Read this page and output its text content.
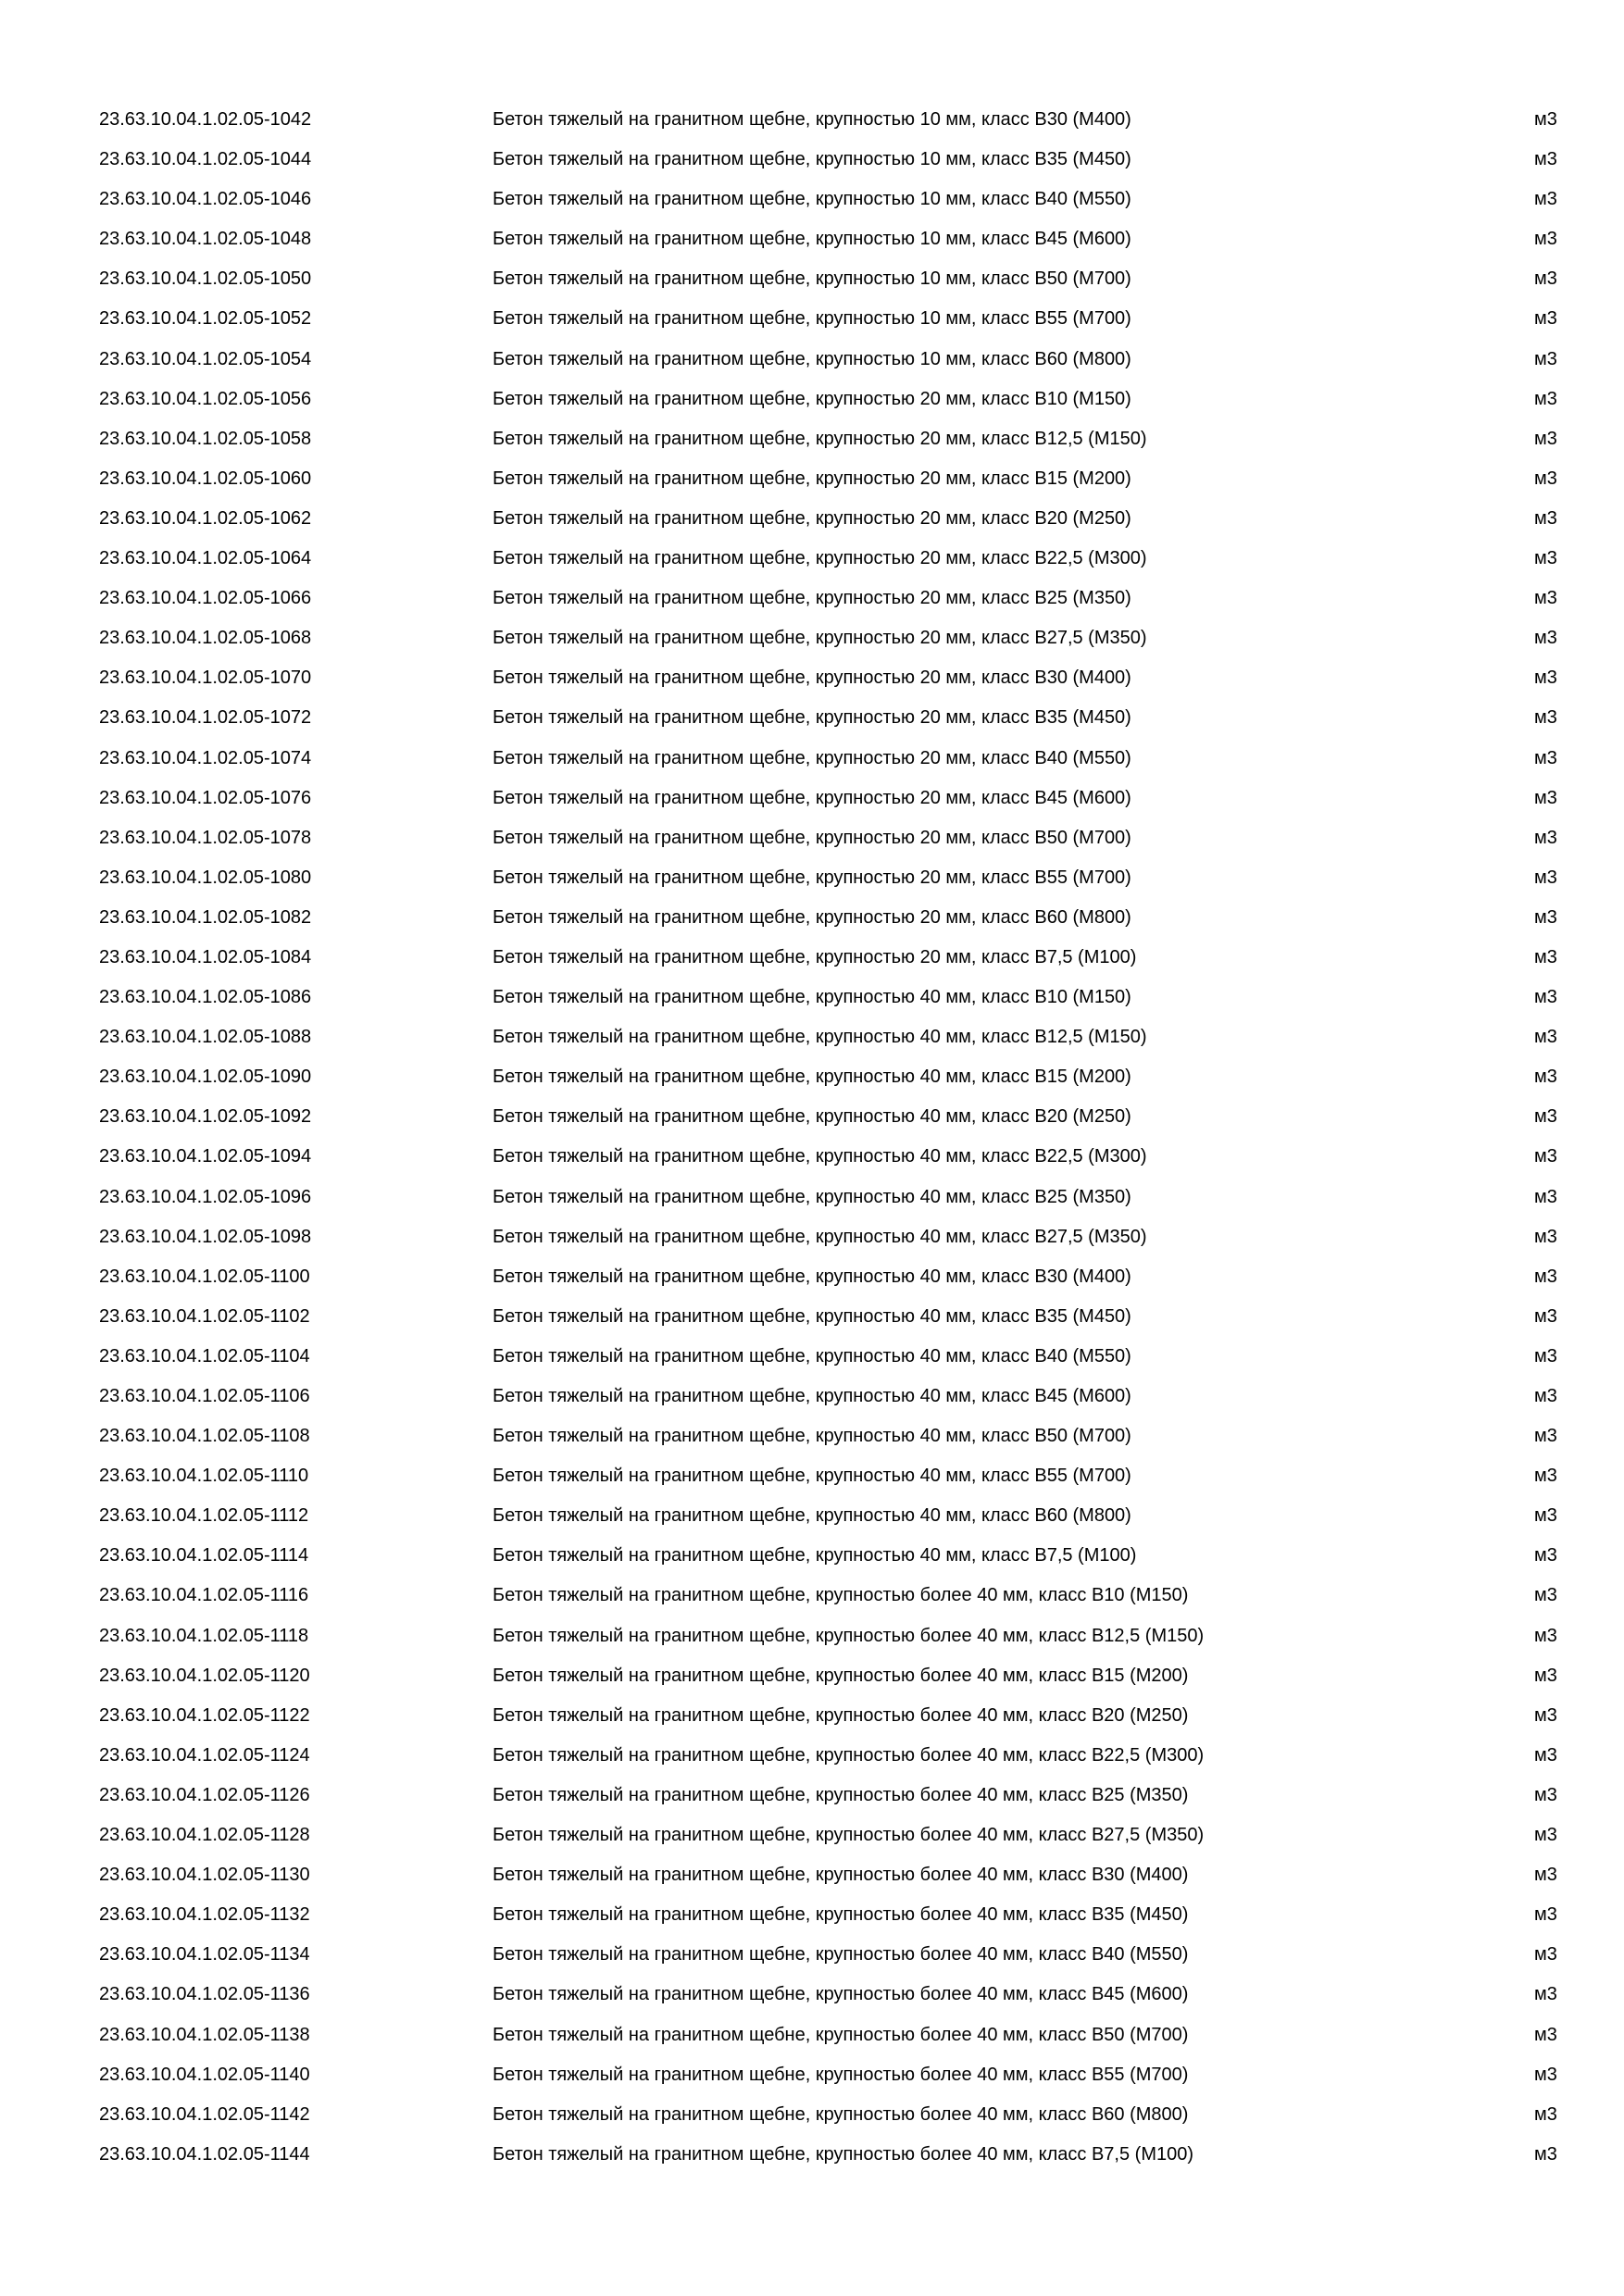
23.63.10.04.1.02.05-1042	Бетон тяжелый на гранитном щебне, крупностью 10 мм, класс В30 (М400)	м3
23.63.10.04.1.02.05-1044	Бетон тяжелый на гранитном щебне, крупностью 10 мм, класс В35 (М450)	м3
23.63.10.04.1.02.05-1046	Бетон тяжелый на гранитном щебне, крупностью 10 мм, класс В40 (М550)	м3
23.63.10.04.1.02.05-1048	Бетон тяжелый на гранитном щебне, крупностью 10 мм, класс В45 (М600)	м3
23.63.10.04.1.02.05-1050	Бетон тяжелый на гранитном щебне, крупностью 10 мм, класс В50 (М700)	м3
23.63.10.04.1.02.05-1052	Бетон тяжелый на гранитном щебне, крупностью 10 мм, класс В55 (М700)	м3
23.63.10.04.1.02.05-1054	Бетон тяжелый на гранитном щебне, крупностью 10 мм, класс В60 (М800)	м3
23.63.10.04.1.02.05-1056	Бетон тяжелый на гранитном щебне, крупностью 20 мм, класс В10 (М150)	м3
23.63.10.04.1.02.05-1058	Бетон тяжелый на гранитном щебне, крупностью 20 мм, класс В12,5 (М150)	м3
23.63.10.04.1.02.05-1060	Бетон тяжелый на гранитном щебне, крупностью 20 мм, класс В15 (М200)	м3
23.63.10.04.1.02.05-1062	Бетон тяжелый на гранитном щебне, крупностью 20 мм, класс В20 (М250)	м3
23.63.10.04.1.02.05-1064	Бетон тяжелый на гранитном щебне, крупностью 20 мм, класс В22,5 (М300)	м3
23.63.10.04.1.02.05-1066	Бетон тяжелый на гранитном щебне, крупностью 20 мм, класс В25 (М350)	м3
23.63.10.04.1.02.05-1068	Бетон тяжелый на гранитном щебне, крупностью 20 мм, класс В27,5 (М350)	м3
23.63.10.04.1.02.05-1070	Бетон тяжелый на гранитном щебне, крупностью 20 мм, класс В30 (М400)	м3
23.63.10.04.1.02.05-1072	Бетон тяжелый на гранитном щебне, крупностью 20 мм, класс В35 (М450)	м3
23.63.10.04.1.02.05-1074	Бетон тяжелый на гранитном щебне, крупностью 20 мм, класс В40 (М550)	м3
23.63.10.04.1.02.05-1076	Бетон тяжелый на гранитном щебне, крупностью 20 мм, класс В45 (М600)	м3
23.63.10.04.1.02.05-1078	Бетон тяжелый на гранитном щебне, крупностью 20 мм, класс В50 (М700)	м3
23.63.10.04.1.02.05-1080	Бетон тяжелый на гранитном щебне, крупностью 20 мм, класс В55 (М700)	м3
23.63.10.04.1.02.05-1082	Бетон тяжелый на гранитном щебне, крупностью 20 мм, класс В60 (М800)	м3
23.63.10.04.1.02.05-1084	Бетон тяжелый на гранитном щебне, крупностью 20 мм, класс В7,5 (М100)	м3
23.63.10.04.1.02.05-1086	Бетон тяжелый на гранитном щебне, крупностью 40 мм, класс В10 (М150)	м3
23.63.10.04.1.02.05-1088	Бетон тяжелый на гранитном щебне, крупностью 40 мм, класс В12,5 (М150)	м3
23.63.10.04.1.02.05-1090	Бетон тяжелый на гранитном щебне, крупностью 40 мм, класс В15 (М200)	м3
23.63.10.04.1.02.05-1092	Бетон тяжелый на гранитном щебне, крупностью 40 мм, класс В20 (М250)	м3
23.63.10.04.1.02.05-1094	Бетон тяжелый на гранитном щебне, крупностью 40 мм, класс В22,5 (М300)	м3
23.63.10.04.1.02.05-1096	Бетон тяжелый на гранитном щебне, крупностью 40 мм, класс В25 (М350)	м3
23.63.10.04.1.02.05-1098	Бетон тяжелый на гранитном щебне, крупностью 40 мм, класс В27,5 (М350)	м3
23.63.10.04.1.02.05-1100	Бетон тяжелый на гранитном щебне, крупностью 40 мм, класс В30 (М400)	м3
23.63.10.04.1.02.05-1102	Бетон тяжелый на гранитном щебне, крупностью 40 мм, класс В35 (М450)	м3
23.63.10.04.1.02.05-1104	Бетон тяжелый на гранитном щебне, крупностью 40 мм, класс В40 (М550)	м3
23.63.10.04.1.02.05-1106	Бетон тяжелый на гранитном щебне, крупностью 40 мм, класс В45 (М600)	м3
23.63.10.04.1.02.05-1108	Бетон тяжелый на гранитном щебне, крупностью 40 мм, класс В50 (М700)	м3
23.63.10.04.1.02.05-1110	Бетон тяжелый на гранитном щебне, крупностью 40 мм, класс В55 (М700)	м3
23.63.10.04.1.02.05-1112	Бетон тяжелый на гранитном щебне, крупностью 40 мм, класс В60 (М800)	м3
23.63.10.04.1.02.05-1114	Бетон тяжелый на гранитном щебне, крупностью 40 мм, класс В7,5 (М100)	м3
23.63.10.04.1.02.05-1116	Бетон тяжелый на гранитном щебне, крупностью более 40 мм, класс В10 (М150)	м3
23.63.10.04.1.02.05-1118	Бетон тяжелый на гранитном щебне, крупностью более 40 мм, класс В12,5 (М150)	м3
23.63.10.04.1.02.05-1120	Бетон тяжелый на гранитном щебне, крупностью более 40 мм, класс В15 (М200)	м3
23.63.10.04.1.02.05-1122	Бетон тяжелый на гранитном щебне, крупностью более 40 мм, класс В20 (М250)	м3
23.63.10.04.1.02.05-1124	Бетон тяжелый на гранитном щебне, крупностью более 40 мм, класс В22,5 (М300)	м3
23.63.10.04.1.02.05-1126	Бетон тяжелый на гранитном щебне, крупностью более 40 мм, класс В25 (М350)	м3
23.63.10.04.1.02.05-1128	Бетон тяжелый на гранитном щебне, крупностью более 40 мм, класс В27,5 (М350)	м3
23.63.10.04.1.02.05-1130	Бетон тяжелый на гранитном щебне, крупностью более 40 мм, класс В30 (М400)	м3
23.63.10.04.1.02.05-1132	Бетон тяжелый на гранитном щебне, крупностью более 40 мм, класс В35 (М450)	м3
23.63.10.04.1.02.05-1134	Бетон тяжелый на гранитном щебне, крупностью более 40 мм, класс В40 (М550)	м3
23.63.10.04.1.02.05-1136	Бетон тяжелый на гранитном щебне, крупностью более 40 мм, класс В45 (М600)	м3
23.63.10.04.1.02.05-1138	Бетон тяжелый на гранитном щебне, крупностью более 40 мм, класс В50 (М700)	м3
23.63.10.04.1.02.05-1140	Бетон тяжелый на гранитном щебне, крупностью более 40 мм, класс В55 (М700)	м3
23.63.10.04.1.02.05-1142	Бетон тяжелый на гранитном щебне, крупностью более 40 мм, класс В60 (М800)	м3
23.63.10.04.1.02.05-1144	Бетон тяжелый на гранитном щебне, крупностью более 40 мм, класс В7,5 (М100)	м3
